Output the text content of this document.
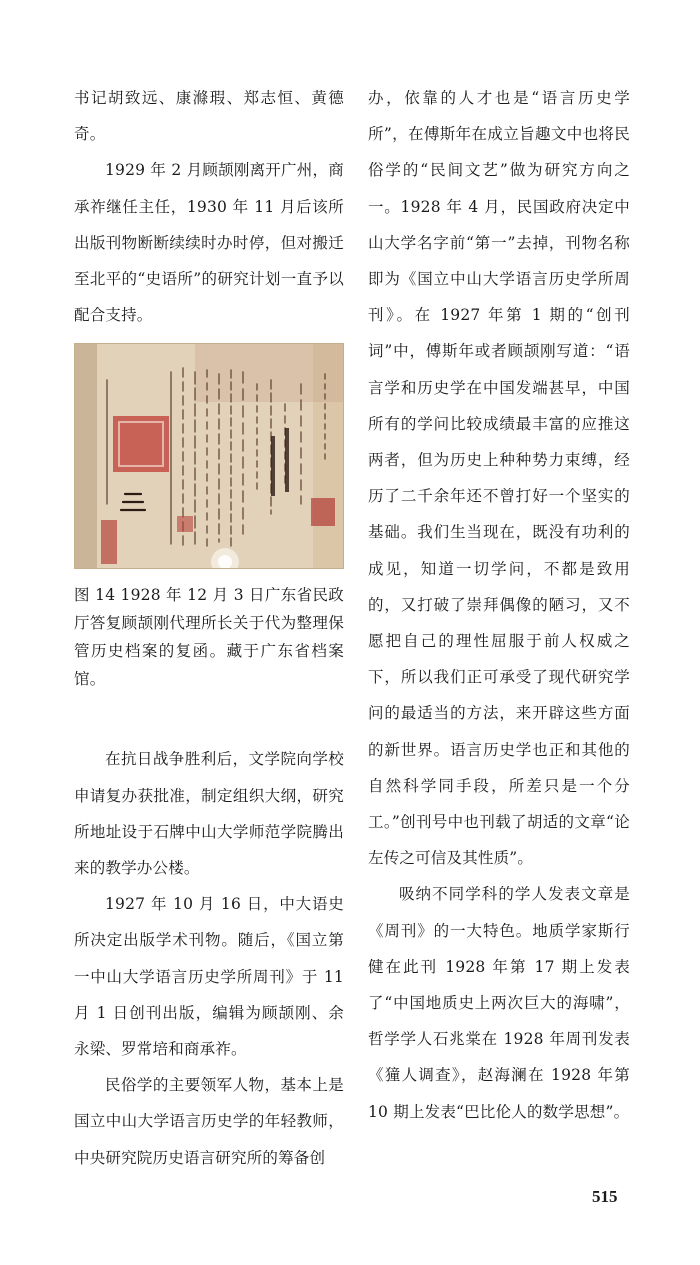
书记胡致远、康滌瑕、郑志恒、黄德奇。

1929 年 2 月顾颉刚离开广州，商承祚继任主任，1930 年 11 月后该所出版刊物断断续续时办时停，但对搬迁至北平的“史语所”的研究计划一直予以配合支持。

图 14 1928 年 12 月 3 日广东省民政厅答复顾颉刚代理所长关于代为整理保管历史档案的复函。藏于广东省档案馆。

在抗日战争胜利后，文学院向学校申请复办获批准，制定组织大纲，研究所地址设于石牌中山大学师范学院腾出来的教学办公楼。

1927 年 10 月 16 日，中大语史所决定出版学术刊物。随后，《国立第一中山大学语言历史学所周刊》于 11 月 1 日创刊出版，编辑为顾颉刚、余永梁、罗常培和商承祚。

民俗学的主要领军人物，基本上是国立中山大学语言历史学的年轻教师，中央研究院历史语言研究所的筹备创

办，依靠的人才也是“语言历史学所”，在傅斯年在成立旨趣文中也将民俗学的“民间文艺”做为研究方向之一。1928 年 4 月，民国政府决定中山大学名字前“第一”去掉，刊物名称即为《国立中山大学语言历史学所周刊》。在 1927 年第 1 期的“创刊词”中，傅斯年或者顾颉刚写道：“语言学和历史学在中国发端甚早，中国所有的学问比较成绩最丰富的应推这两者，但为历史上种种势力束缚，经历了二千余年还不曾打好一个坚实的基础。我们生当现在，既没有功利的成见，知道一切学问，不都是致用的，又打破了崇拜偶像的陋习，又不愿把自己的理性屈服于前人权威之下，所以我们正可承受了现代研究学问的最适当的方法，来开辟这些方面的新世界。语言历史学也正和其他的自然科学同手段，所差只是一个分工。”创刊号中也刊载了胡适的文章“论左传之可信及其性质”。

吸纳不同学科的学人发表文章是《周刊》的一大特色。地质学家斯行健在此刊 1928 年第 17 期上发表了“中国地质史上两次巨大的海啸”，哲学学人石兆棠在 1928 年周刊发表《獞人调查》，赵海澜在 1928 年第 10 期上发表“巴比伦人的数学思想”。

515
